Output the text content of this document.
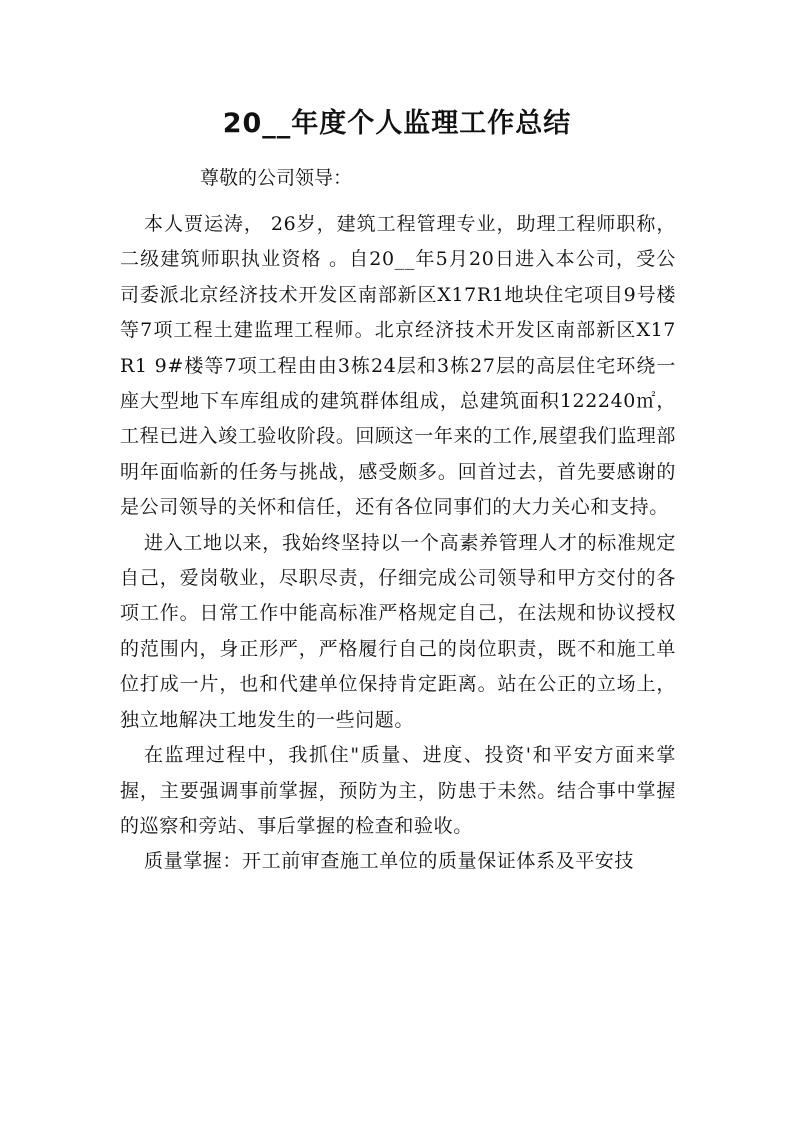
20__年度个人监理工作总结

尊敬的公司领导：

本人贾运涛， 26岁，建筑工程管理专业，助理工程师职称，二级建筑师职执业资格 。自20__年5月20日进入本公司，受公司委派北京经济技术开发区南部新区X17R1地块住宅项目9号楼等7项工程土建监理工程师。北京经济技术开发区南部新区X17R1 9#楼等7项工程由由3栋24层和3栋27层的高层住宅环绕一座大型地下车库组成的建筑群体组成，总建筑面积122240㎡，工程已进入竣工验收阶段。回顾这一年来的工作,展望我们监理部明年面临新的任务与挑战，感受颇多。回首过去，首先要感谢的是公司领导的关怀和信任，还有各位同事们的大力关心和支持。

进入工地以来，我始终坚持以一个高素养管理人才的标准规定自己，爱岗敬业，尽职尽责，仔细完成公司领导和甲方交付的各项工作。日常工作中能高标准严格规定自己，在法规和协议授权的范围内，身正形严，严格履行自己的岗位职责，既不和施工单位打成一片，也和代建单位保持肯定距离。站在公正的立场上，独立地解决工地发生的一些问题。

在监理过程中，我抓住"质量、进度、投资'和平安方面来掌握，主要强调事前掌握，预防为主，防患于未然。结合事中掌握的巡察和旁站、事后掌握的检查和验收。

质量掌握：开工前审查施工单位的质量保证体系及平安技
